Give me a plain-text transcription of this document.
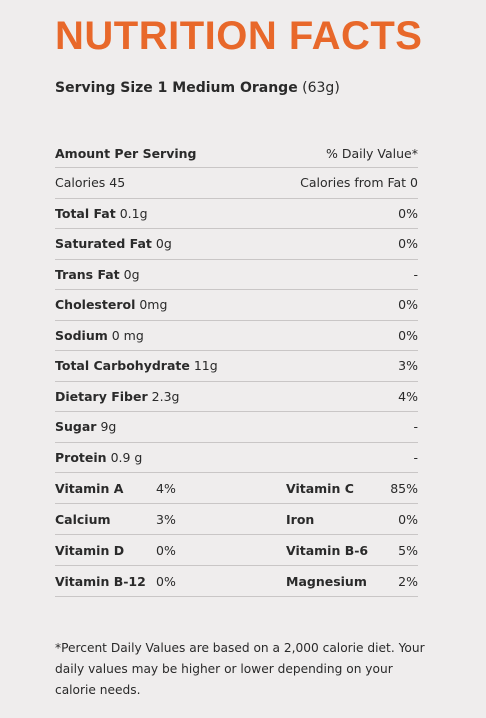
NUTRITION FACTS
Serving Size 1 Medium Orange (63g)
Amount Per Serving	% Daily Value*
Calories 45	Calories from Fat 0
Total Fat 0.1g	0%
Saturated Fat 0g	0%
Trans Fat 0g	-
Cholesterol 0mg	0%
Sodium 0 mg	0%
Total Carbohydrate 11g	3%
Dietary Fiber 2.3g	4%
Sugar 9g	-
Protein 0.9 g	-
Vitamin A	4%	Vitamin C	85%
Calcium	3%	Iron	0%
Vitamin D	0%	Vitamin B-6 5%
Vitamin B-12 0%	Magnesium	2%
*Percent Daily Values are based on a 2,000 calorie diet. Your daily values may be higher or lower depending on your calorie needs.
